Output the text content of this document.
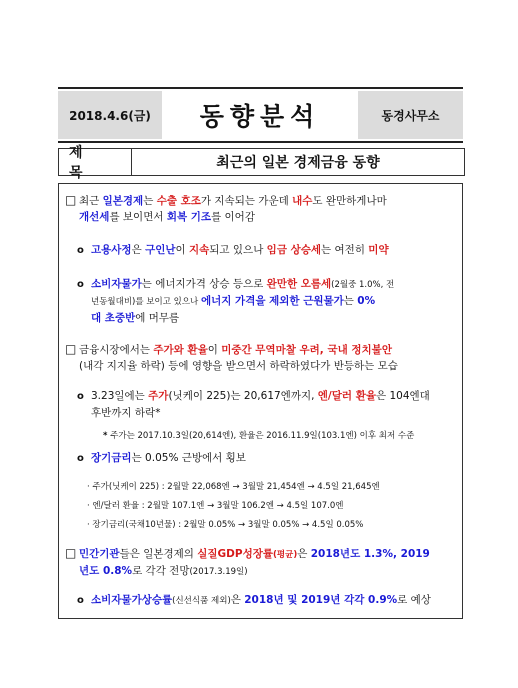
2018.4.6(금)	동향분석	동경사무소
제 목
최근의 일본 경제금융 동향
□ 최근 일본경제는 수출 호조가 지속되는 가운데 내수도 완만하게나마
개선세를 보이면서 회복 기조를 이어감
o 고용사정은 구인난이 지속되고 있으나 임금 상승세는 여전히 미약
o 소비자물가는 에너지가격 상승 등으로 완만한 오름세(2월중 1.0%, 전
년동월대비)를 보이고 있으나 에너지 가격을 제외한 근원물가는 0%
대 초중반에 머무름
□ 금융시장에서는 주가와 환율이 미중간 무역마찰 우려, 국내 정치불안
(내각 지지율 하락) 등에 영향을 받으면서 하락하였다가 반등하는 모습
o 3.23일에는 주가(닛케이 225)는 20,617엔까지, 엔/달러 환율은 104엔대
후반까지 하락*
* 주가는 2017.10.3일(20,614엔), 환율은 2016.11.9일(103.1엔) 이후 최저 수준
o 장기금리는 0.05% 근방에서 횡보
· 주가(닛케이 225) : 2월말 22,068엔 → 3월말 21,454엔 → 4.5일 21,645엔
· 엔/달러 환율 : 2월말 107.1엔 → 3월말 106.2엔 → 4.5일 107.0엔
· 장기금리(국채10년물) : 2월말 0.05% → 3월말 0.05% → 4.5일 0.05%
□ 민간기관들은 일본경제의 실질GDP성장률(평균)은 2018년도 1.3%, 2019
년도 0.8%로 각각 전망(2017.3.19일)
o 소비자물가상승률(신선식품 제외)은 2018년 및 2019년 각각 0.9%로 예상
